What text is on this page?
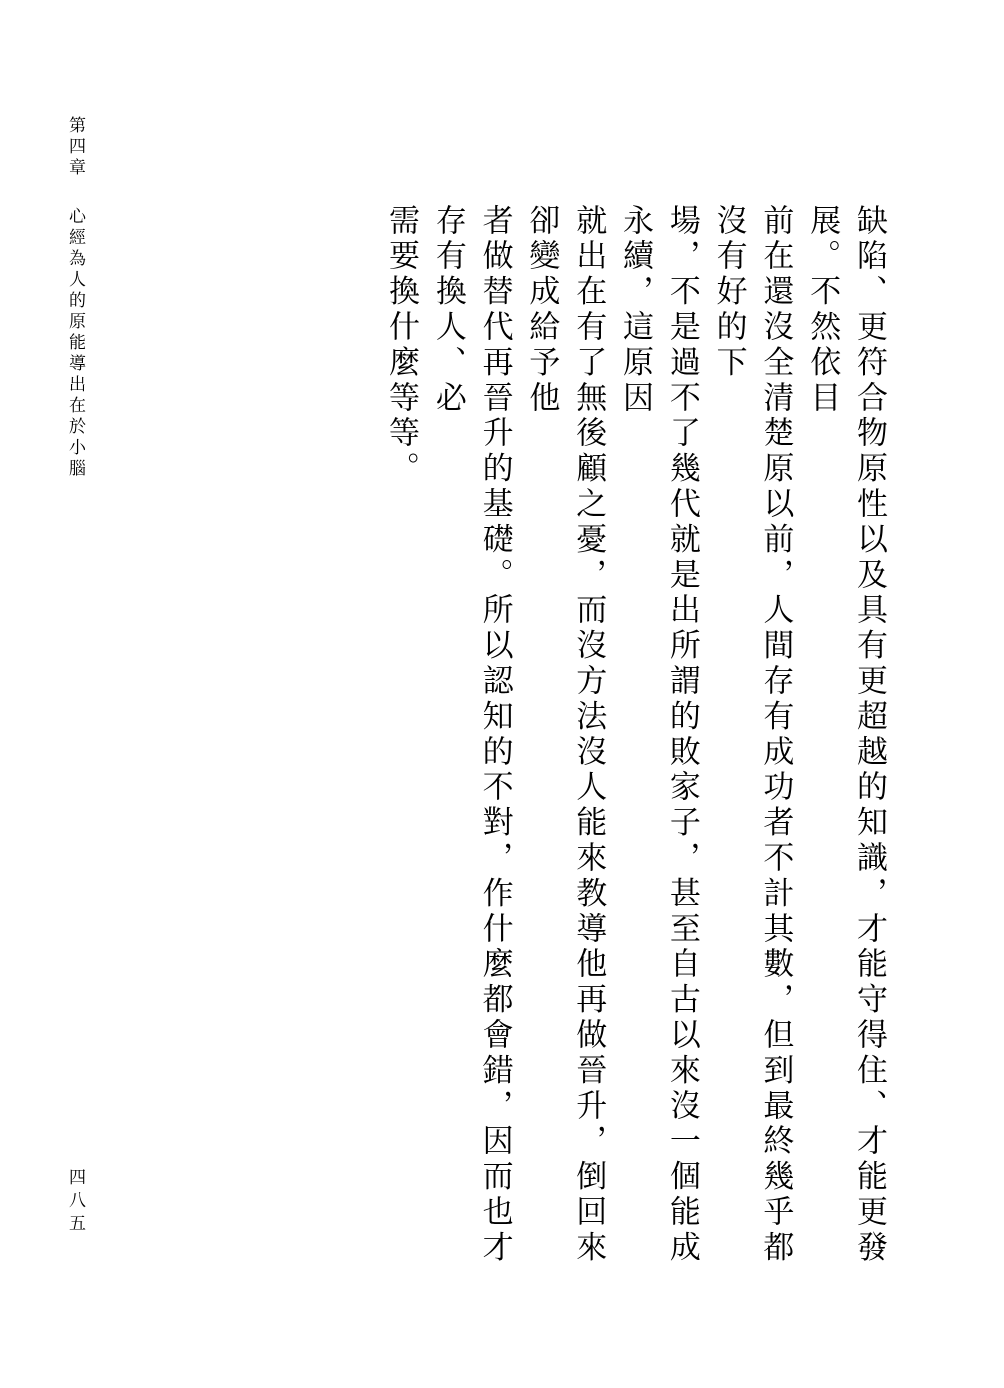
第四章心經為人的原能導出在於小腦
四八五	缺陷、更符合物原性以及具有更超越的知識，才能守得住、才能更發展。不然依目
前在還沒全清楚原以前，人間存有成功者不計其數，但到最終幾乎都沒有好的下
場，不是過不了幾代就是出所謂的敗家子，甚至自古以來沒一個能成永續，這原因
就出在有了無後顧之憂，而沒方法沒人能來教導他再做晉升，倒回來卻變成給予他
者做替代再晉升的基礎。所以認知的不對，作什麼都會錯，因而也才存有換人、必
需要換什麼等等。
